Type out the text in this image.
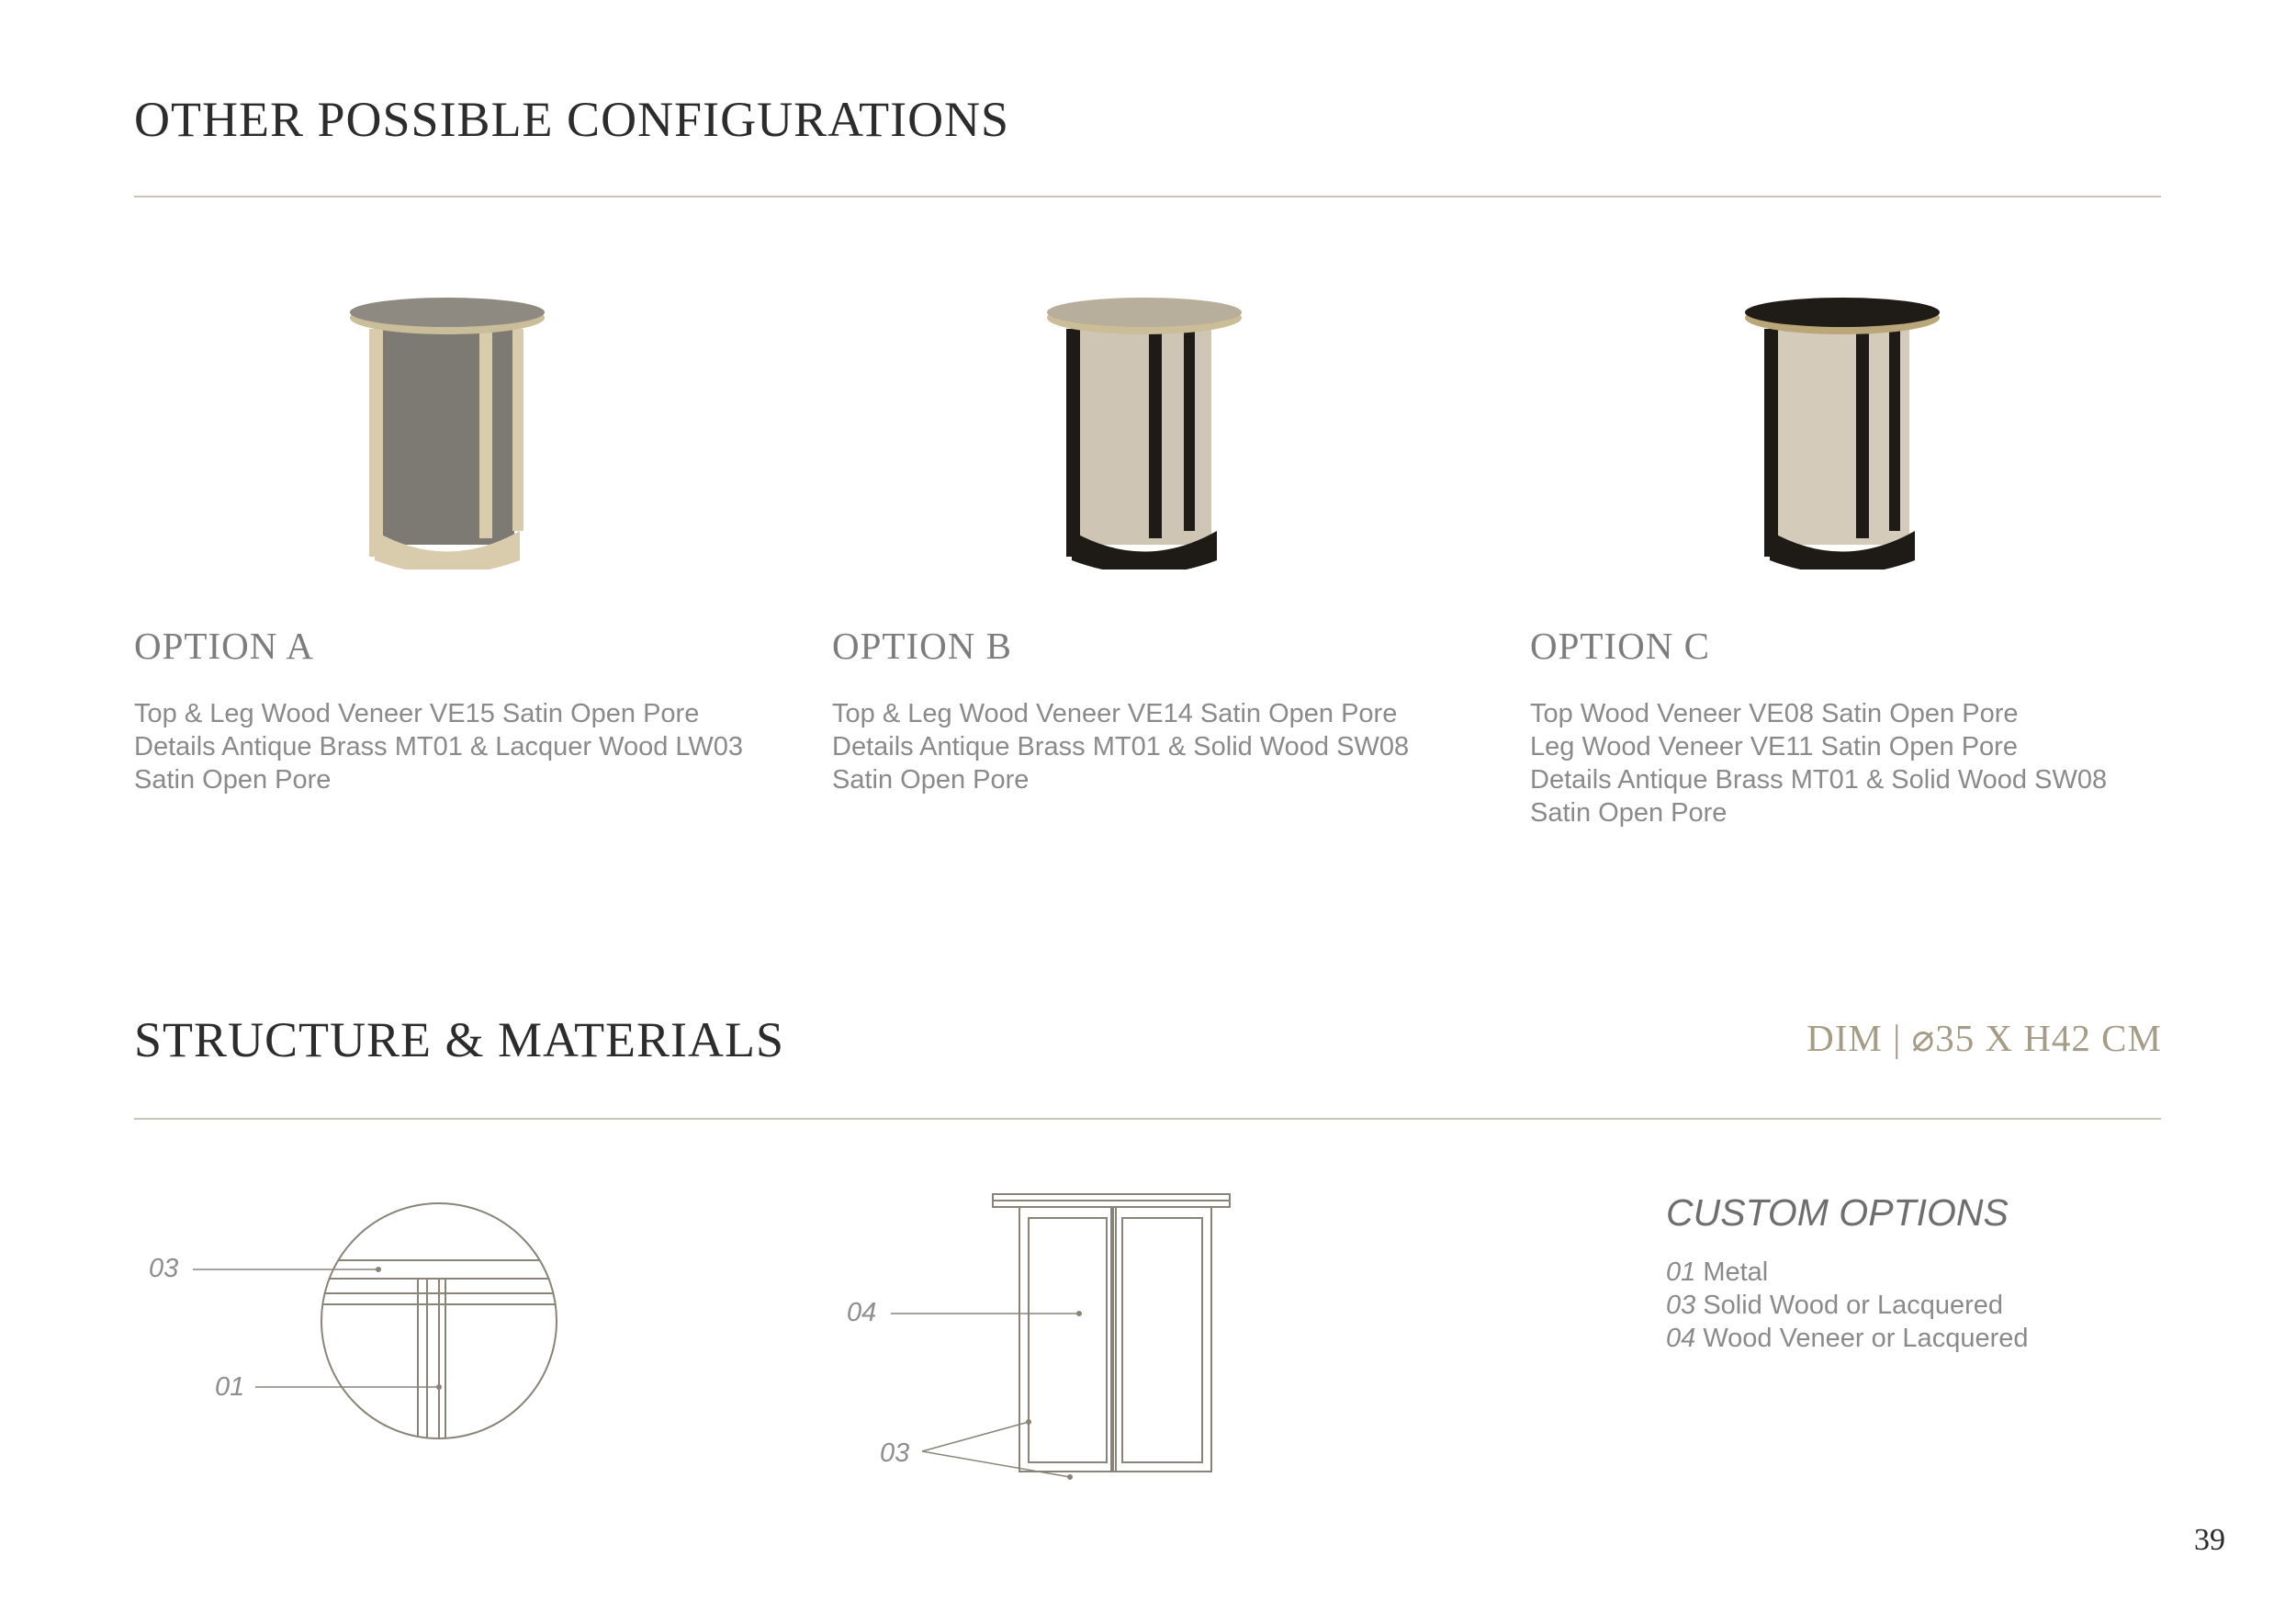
OTHER POSSIBLE CONFIGURATIONS
OPTION A
Top & Leg Wood Veneer VE15 Satin Open Pore
Details Antique Brass MT01 & Lacquer Wood LW03
Satin Open Pore
OPTION B
Top & Leg Wood Veneer VE14 Satin Open Pore
Details Antique Brass MT01 & Solid Wood SW08
Satin Open Pore
OPTION C
Top Wood Veneer VE08 Satin Open Pore
Leg Wood Veneer VE11 Satin Open Pore
Details Antique Brass MT01 & Solid Wood SW08
Satin Open Pore
STRUCTURE & MATERIALS	DIM | ⌀35 X H42 CM
03
01
04
03
CUSTOM OPTIONS
01 Metal
03 Solid Wood or Lacquered
04 Wood Veneer or Lacquered
39
